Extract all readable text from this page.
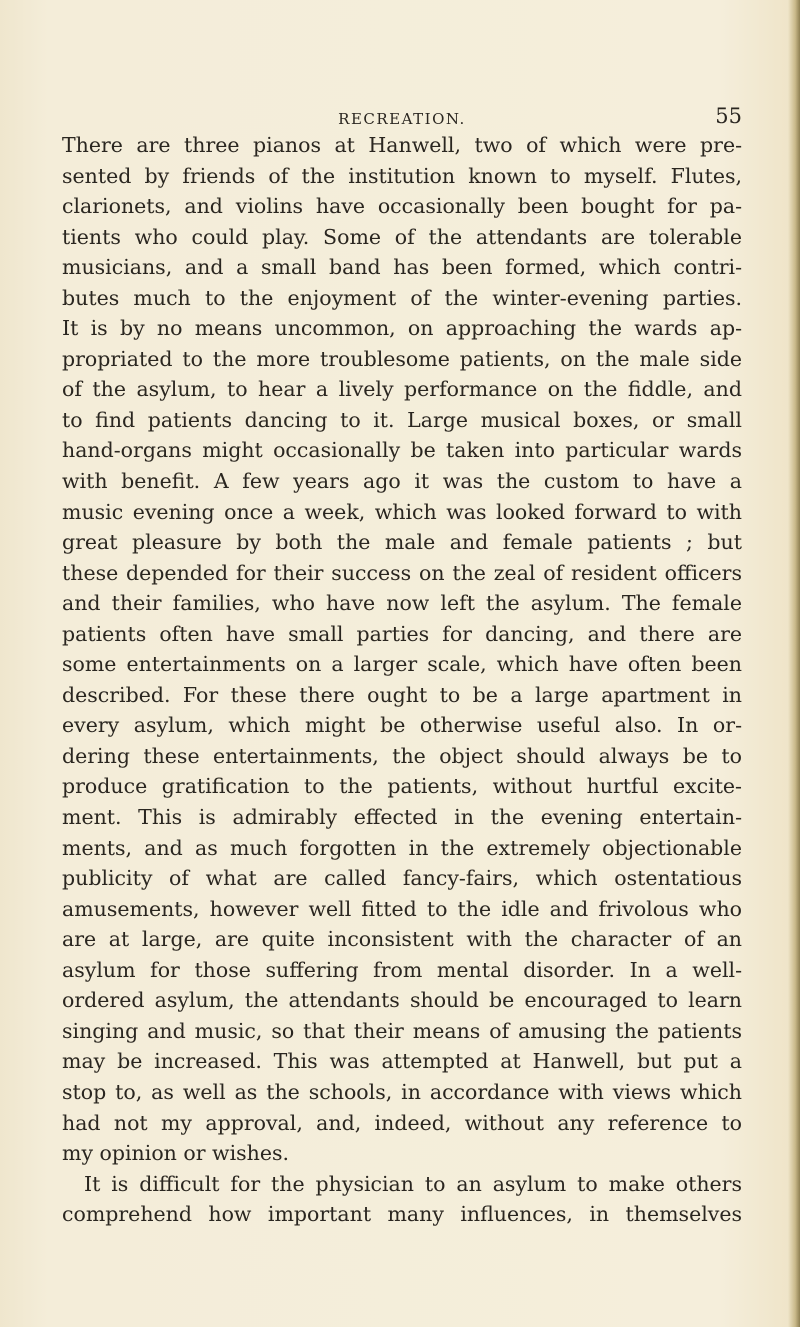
RECREATION.	55
There are three pianos at Hanwell, two of which were pre-
sented by friends of the institution known to myself. Flutes,
clarionets, and violins have occasionally been bought for pa-
tients who could play. Some of the attendants are tolerable
musicians, and a small band has been formed, which contri-
butes much to the enjoyment of the winter-evening parties.
It is by no means uncommon, on approaching the wards ap-
propriated to the more troublesome patients, on the male side
of the asylum, to hear a lively performance on the fiddle, and
to find patients dancing to it. Large musical boxes, or small
hand-organs might occasionally be taken into particular wards
with benefit. A few years ago it was the custom to have a
music evening once a week, which was looked forward to with
great pleasure by both the male and female patients ; but
these depended for their success on the zeal of resident officers
and their families, who have now left the asylum. The female
patients often have small parties for dancing, and there are
some entertainments on a larger scale, which have often been
described. For these there ought to be a large apartment in
every asylum, which might be otherwise useful also. In or-
dering these entertainments, the object should always be to
produce gratification to the patients, without hurtful excite-
ment. This is admirably effected in the evening entertain-
ments, and as much forgotten in the extremely objectionable
publicity of what are called fancy-fairs, which ostentatious
amusements, however well fitted to the idle and frivolous who
are at large, are quite inconsistent with the character of an
asylum for those suffering from mental disorder. In a well-
ordered asylum, the attendants should be encouraged to learn
singing and music, so that their means of amusing the patients
may be increased. This was attempted at Hanwell, but put a
stop to, as well as the schools, in accordance with views which
had not my approval, and, indeed, without any reference to
my opinion or wishes.
It is difficult for the physician to an asylum to make others
comprehend how important many influences, in themselves
